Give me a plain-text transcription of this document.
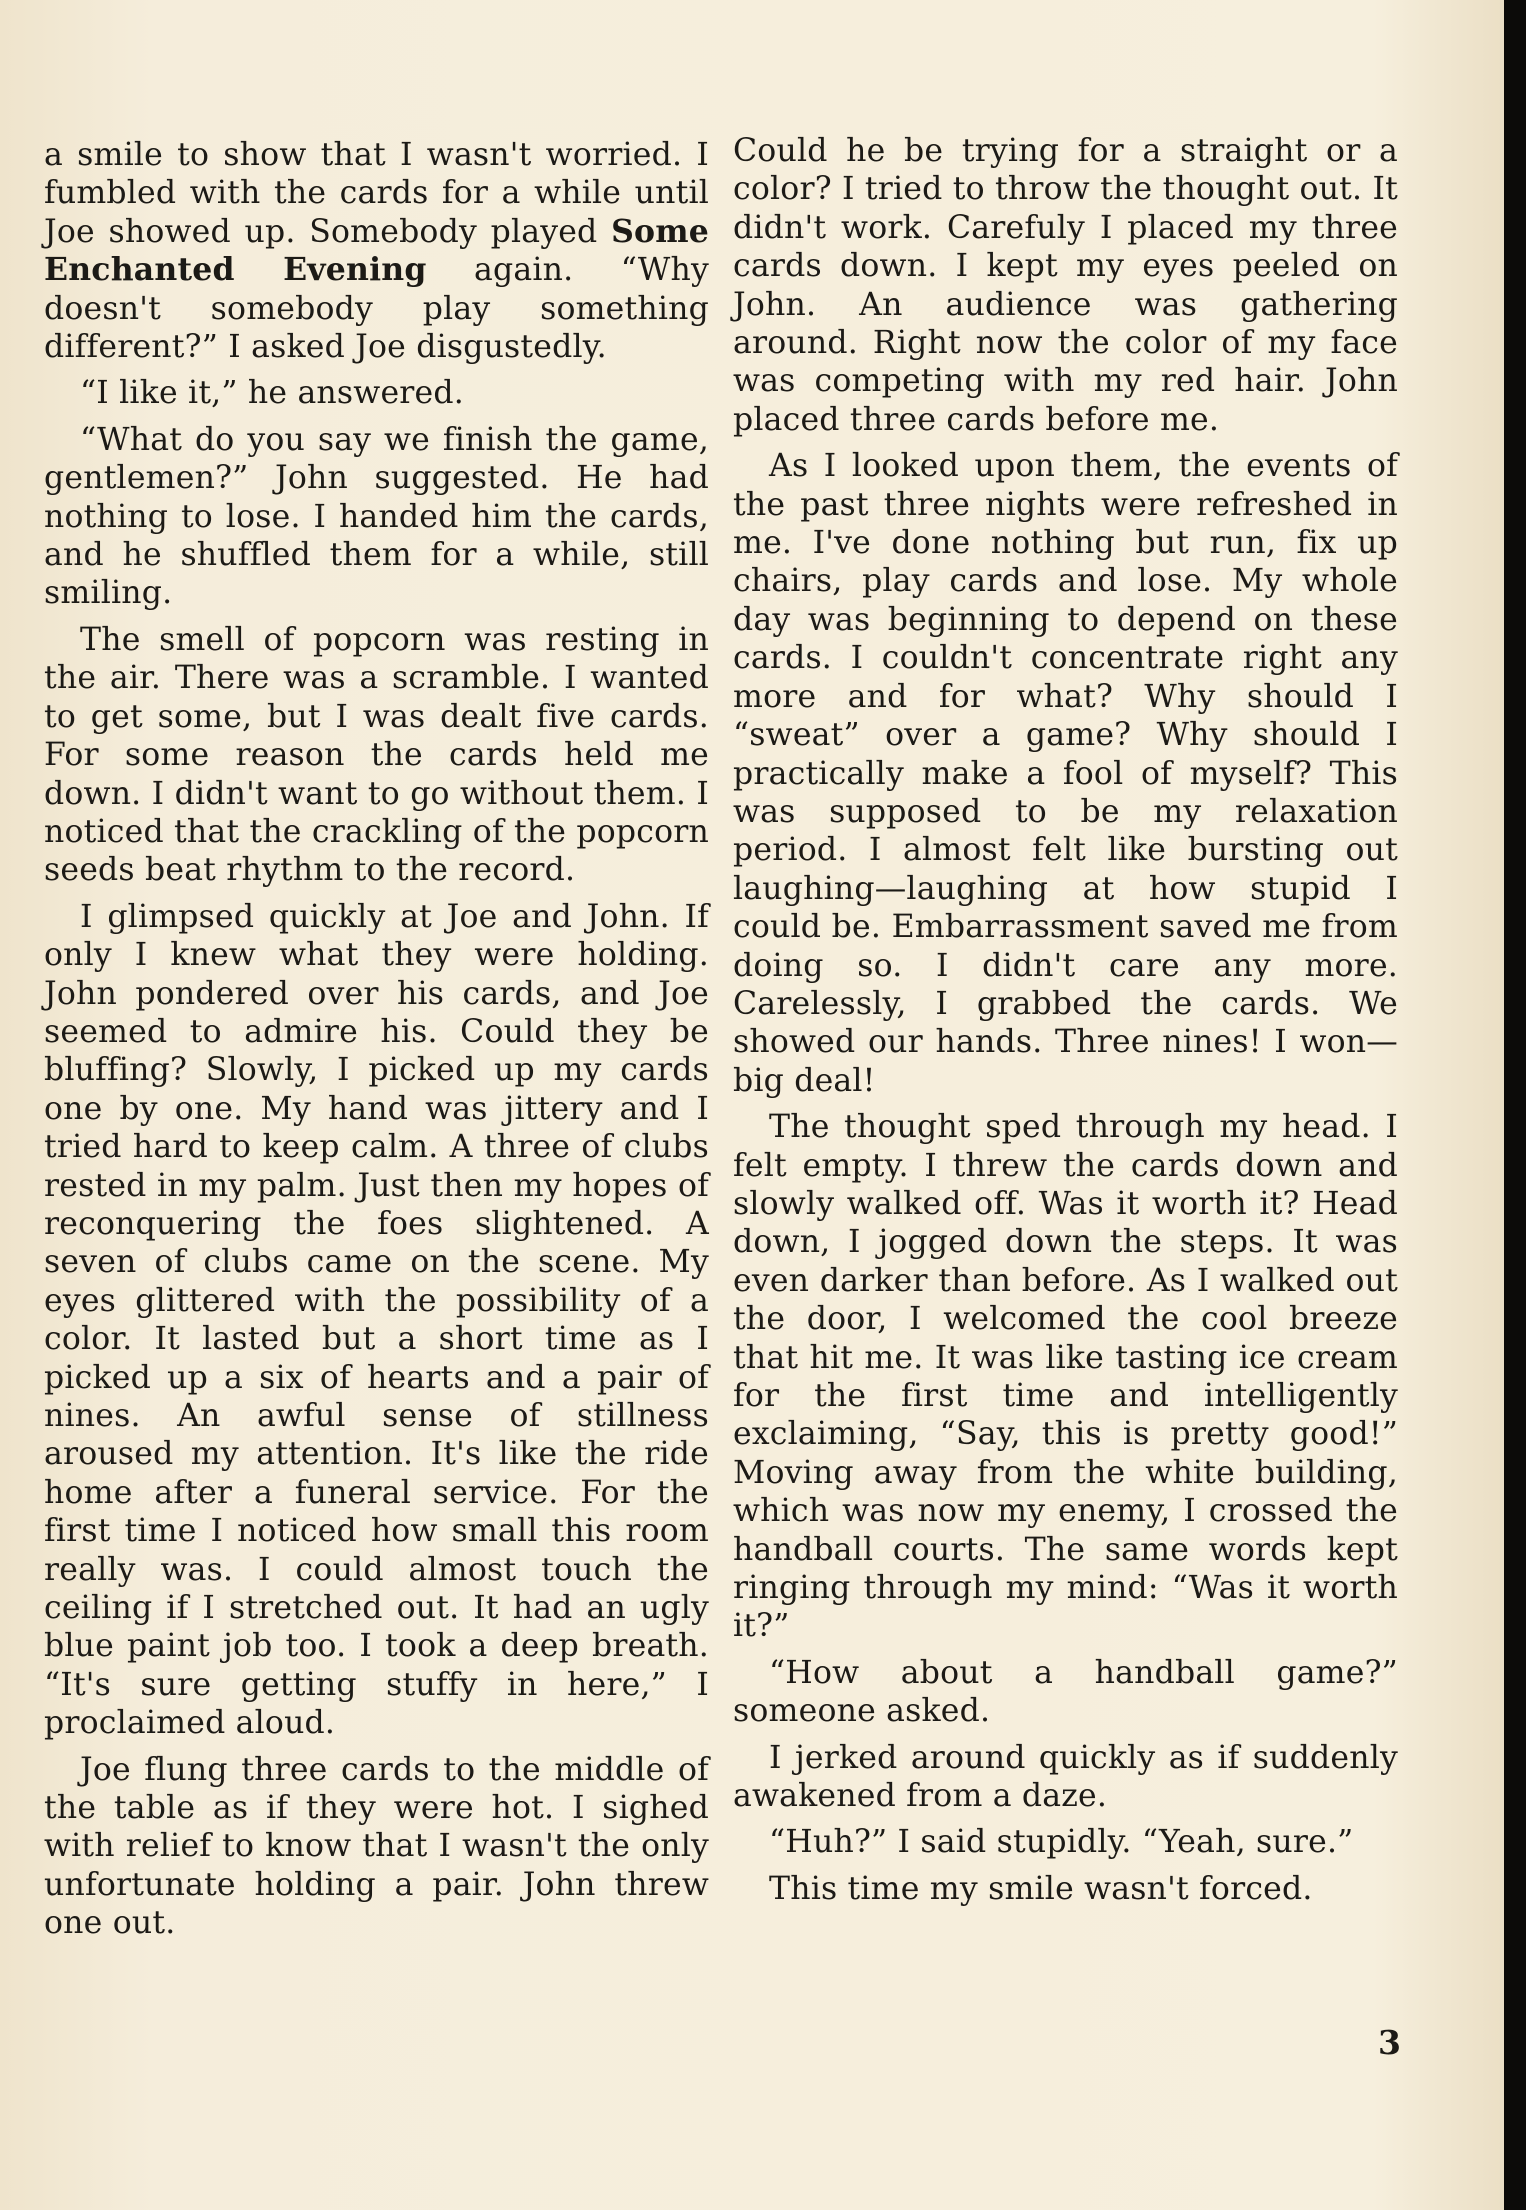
a smile to show that I wasn't worried. I fumbled with the cards for a while until Joe showed up. Somebody played Some Enchanted Evening again. “Why doesn't somebody play something different?” I asked Joe disgustedly.

“I like it,” he answered.

“What do you say we finish the game, gentlemen?” John suggested. He had nothing to lose. I handed him the cards, and he shuffled them for a while, still smiling.

The smell of popcorn was resting in the air. There was a scramble. I wanted to get some, but I was dealt five cards. For some reason the cards held me down. I didn't want to go without them. I noticed that the crackling of the popcorn seeds beat rhythm to the record.

I glimpsed quickly at Joe and John. If only I knew what they were holding. John pondered over his cards, and Joe seemed to admire his. Could they be bluffing? Slowly, I picked up my cards one by one. My hand was jittery and I tried hard to keep calm. A three of clubs rested in my palm. Just then my hopes of reconquering the foes slightened. A seven of clubs came on the scene. My eyes glittered with the possibility of a color. It lasted but a short time as I picked up a six of hearts and a pair of nines. An awful sense of stillness aroused my attention. It's like the ride home after a funeral service. For the first time I noticed how small this room really was. I could almost touch the ceiling if I stretched out. It had an ugly blue paint job too. I took a deep breath. “It's sure getting stuffy in here,” I proclaimed aloud.

Joe flung three cards to the middle of the table as if they were hot. I sighed with relief to know that I wasn't the only unfortunate holding a pair. John threw one out.

Could he be trying for a straight or a color? I tried to throw the thought out. It didn't work. Carefuly I placed my three cards down. I kept my eyes peeled on John. An audience was gathering around. Right now the color of my face was competing with my red hair. John placed three cards before me.

As I looked upon them, the events of the past three nights were refreshed in me. I've done nothing but run, fix up chairs, play cards and lose. My whole day was beginning to depend on these cards. I couldn't concentrate right any more and for what? Why should I “sweat” over a game? Why should I practically make a fool of myself? This was supposed to be my relaxation period. I almost felt like bursting out laughing—laughing at how stupid I could be. Embarrassment saved me from doing so. I didn't care any more. Carelessly, I grabbed the cards. We showed our hands. Three nines! I won—big deal!

The thought sped through my head. I felt empty. I threw the cards down and slowly walked off. Was it worth it? Head down, I jogged down the steps. It was even darker than before. As I walked out the door, I welcomed the cool breeze that hit me. It was like tasting ice cream for the first time and intelligently exclaiming, “Say, this is pretty good!” Moving away from the white building, which was now my enemy, I crossed the handball courts. The same words kept ringing through my mind: “Was it worth it?”

“How about a handball game?” someone asked.

I jerked around quickly as if suddenly awakened from a daze.

“Huh?” I said stupidly. “Yeah, sure.”

This time my smile wasn't forced.

3
